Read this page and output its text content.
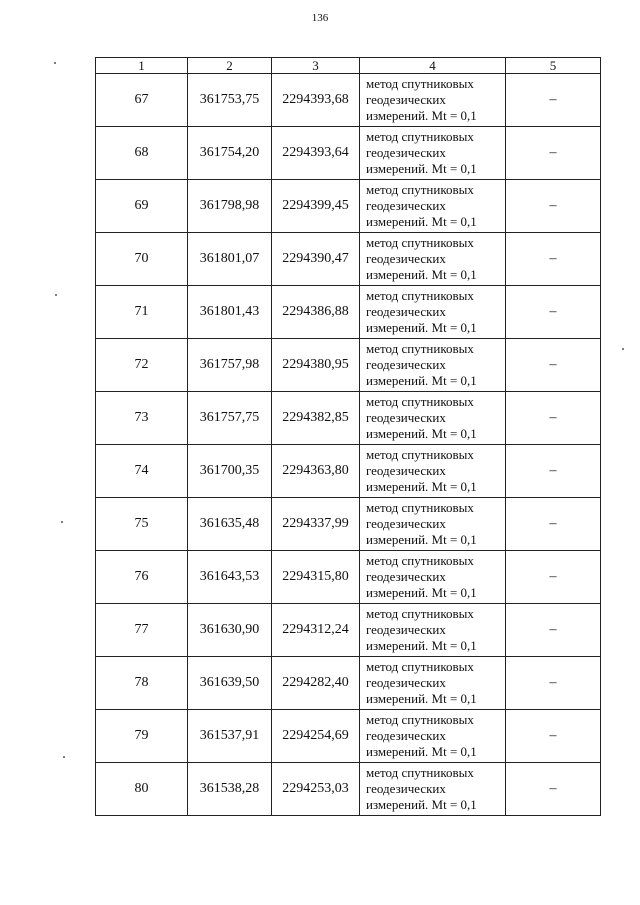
136
1	2	3	4	5
67	361753,75	2294393,68	метод спутниковых
геодезических
измерений. Mt = 0,1	–
68	361754,20	2294393,64	метод спутниковых
геодезических
измерений. Mt = 0,1	–
69	361798,98	2294399,45	метод спутниковых
геодезических
измерений. Mt = 0,1	–
70	361801,07	2294390,47	метод спутниковых
геодезических
измерений. Mt = 0,1	–
71	361801,43	2294386,88	метод спутниковых
геодезических
измерений. Mt = 0,1	–
72	361757,98	2294380,95	метод спутниковых
геодезических
измерений. Mt = 0,1	–
73	361757,75	2294382,85	метод спутниковых
геодезических
измерений. Mt = 0,1	–
74	361700,35	2294363,80	метод спутниковых
геодезических
измерений. Mt = 0,1	–
75	361635,48	2294337,99	метод спутниковых
геодезических
измерений. Mt = 0,1	–
76	361643,53	2294315,80	метод спутниковых
геодезических
измерений. Mt = 0,1	–
77	361630,90	2294312,24	метод спутниковых
геодезических
измерений. Mt = 0,1	–
78	361639,50	2294282,40	метод спутниковых
геодезических
измерений. Mt = 0,1	–
79	361537,91	2294254,69	метод спутниковых
геодезических
измерений. Mt = 0,1	–
80	361538,28	2294253,03	метод спутниковых
геодезических
измерений. Mt = 0,1	–
